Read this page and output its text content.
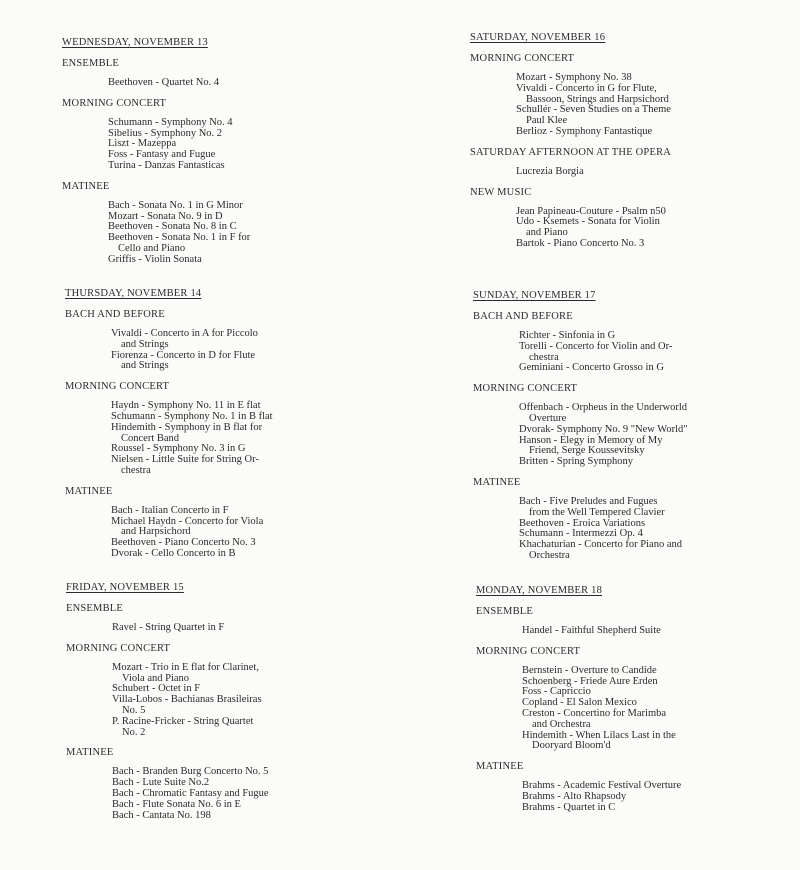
WEDNESDAY, NOVEMBER 13
ENSEMBLE
Beethoven - Quartet No. 4
MORNING CONCERT
Schumann - Symphony No. 4
Sibelius - Symphony No. 2
Liszt - Mazeppa
Foss - Fantasy and Fugue
Turina - Danzas Fantasticas
MATINEE
Bach - Sonata No. 1 in G Minor
Mozart - Sonata No. 9 in D
Beethoven - Sonata No. 8 in C
Beethoven - Sonata No. 1 in F for
Cello and Piano
Griffis - Violin Sonata
THURSDAY, NOVEMBER 14
BACH AND BEFORE
Vivaldi - Concerto in A for Piccolo
and Strings
Fiorenza - Concerto in D for Flute
and Strings
MORNING CONCERT
Haydn - Symphony No. 11 in E flat
Schumann - Symphony No. 1 in B flat
Hindemith - Symphony in B flat for
Concert Band
Roussel - Symphony No. 3 in G
Nielsen - Little Suite for String Or-
chestra
MATINEE
Bach - Italian Concerto in F
Michael Haydn - Concerto for Viola
and Harpsichord
Beethoven - Piano Concerto No. 3
Dvorak - Cello Concerto in B
FRIDAY, NOVEMBER 15
ENSEMBLE
Ravel - String Quartet in F
MORNING CONCERT
Mozart - Trio in E flat for Clarinet,
Viola and Piano
Schubert - Octet in F
Villa-Lobos - Bachianas Brasileiras
No. 5
P. Racine-Fricker - String Quartet
No. 2
MATINEE
Bach - Branden Burg Concerto No. 5
Bach - Lute Suite No.2
Bach - Chromatic Fantasy and Fugue
Bach - Flute Sonata No. 6 in E
Bach - Cantata No. 198
SATURDAY, NOVEMBER 16
MORNING CONCERT
Mozart - Symphony No. 38
Vivaldi - Concerto in G for Flute,
Bassoon, Strings and Harpsichord
Schullér - Seven Studies on a Theme
Paul Klee
Berlioz - Symphony Fantastique
SATURDAY AFTERNOON AT THE OPERA
Lucrezia Borgia
NEW MUSIC
Jean Papineau-Couture - Psalm n50
Udo - Ksemets - Sonata for Violin
and Piano
Bartok - Piano Concerto No. 3
SUNDAY, NOVEMBER 17
BACH AND BEFORE
Richter - Sinfonia in G
Torelli - Concerto for Violin and Or-
chestra
Geminiani - Concerto Grosso in G
MORNING CONCERT
Offenbach - Orpheus in the Underworld
Overture
Dvorak- Symphony No. 9 "New World"
Hanson - Elegy in Memory of My
Friend, Serge Koussevitsky
Britten - Spring Symphony
MATINEE
Bach - Five Preludes and Fugues
from the Well Tempered Clavier
Beethoven - Eroica Variations
Schumann - Intermezzi Op. 4
Khachaturian - Concerto for Piano and
Orchestra
MONDAY, NOVEMBER 18
ENSEMBLE
Handel - Faithful Shepherd Suite
MORNING CONCERT
Bernstein - Overture to Candide
Schoenberg - Friede Aure Erden
Foss - Capriccio
Copland - El Salon Mexico
Creston - Concertino for Marimba
and Orchestra
Hindemith - When Lilacs Last in the
Dooryard Bloom'd
MATINEE
Brahms - Academic Festival Overture
Brahms - Alto Rhapsody
Brahms - Quartet in C
